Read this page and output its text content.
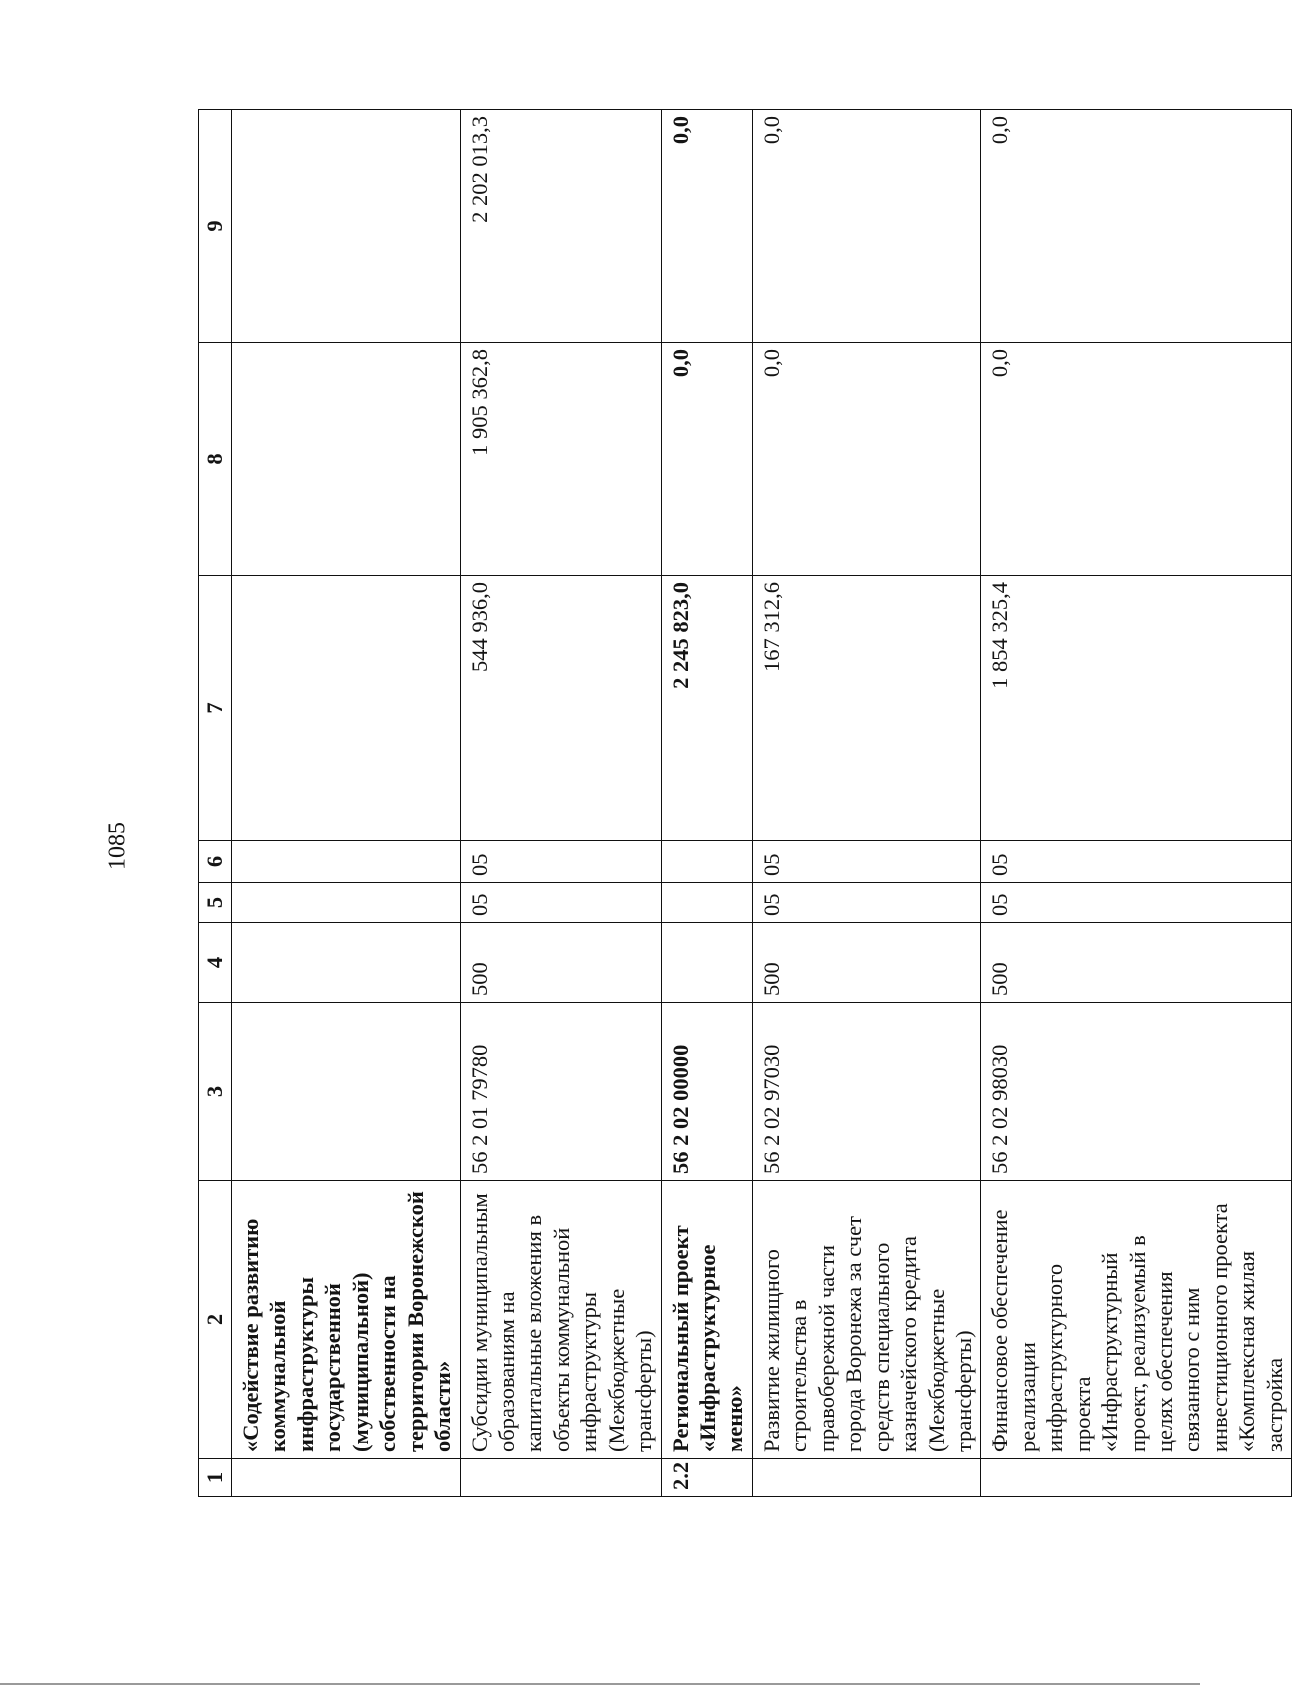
1085
1	2	3	4	5	6	7	8	9
	«Содействие развитию коммунальной инфраструктуры государственной (муниципальной) собственности на территории Воронежской области»							
	Субсидии муниципальным образованиям на капитальные вложения в объекты коммунальной инфраструктуры (Межбюджетные трансферты)	56 2 01 79780	500	05	05	544 936,0	1 905 362,8	2 202 013,3
2.2	Региональный проект «Инфраструктурное меню»	56 2 02 00000				2 245 823,0	0,0	0,0
	Развитие жилищного строительства в правобережной части города Воронежа за счет средств специального казначейского кредита (Межбюджетные трансферты)	56 2 02 97030	500	05	05	167 312,6	0,0	0,0
	Финансовое обеспечение реализации инфраструктурного проекта «Инфраструктурный проект, реализуемый в целях обеспечения связанного с ним инвестиционного проекта «Комплексная жилая застройка	56 2 02 98030	500	05	05	1 854 325,4	0,0	0,0
